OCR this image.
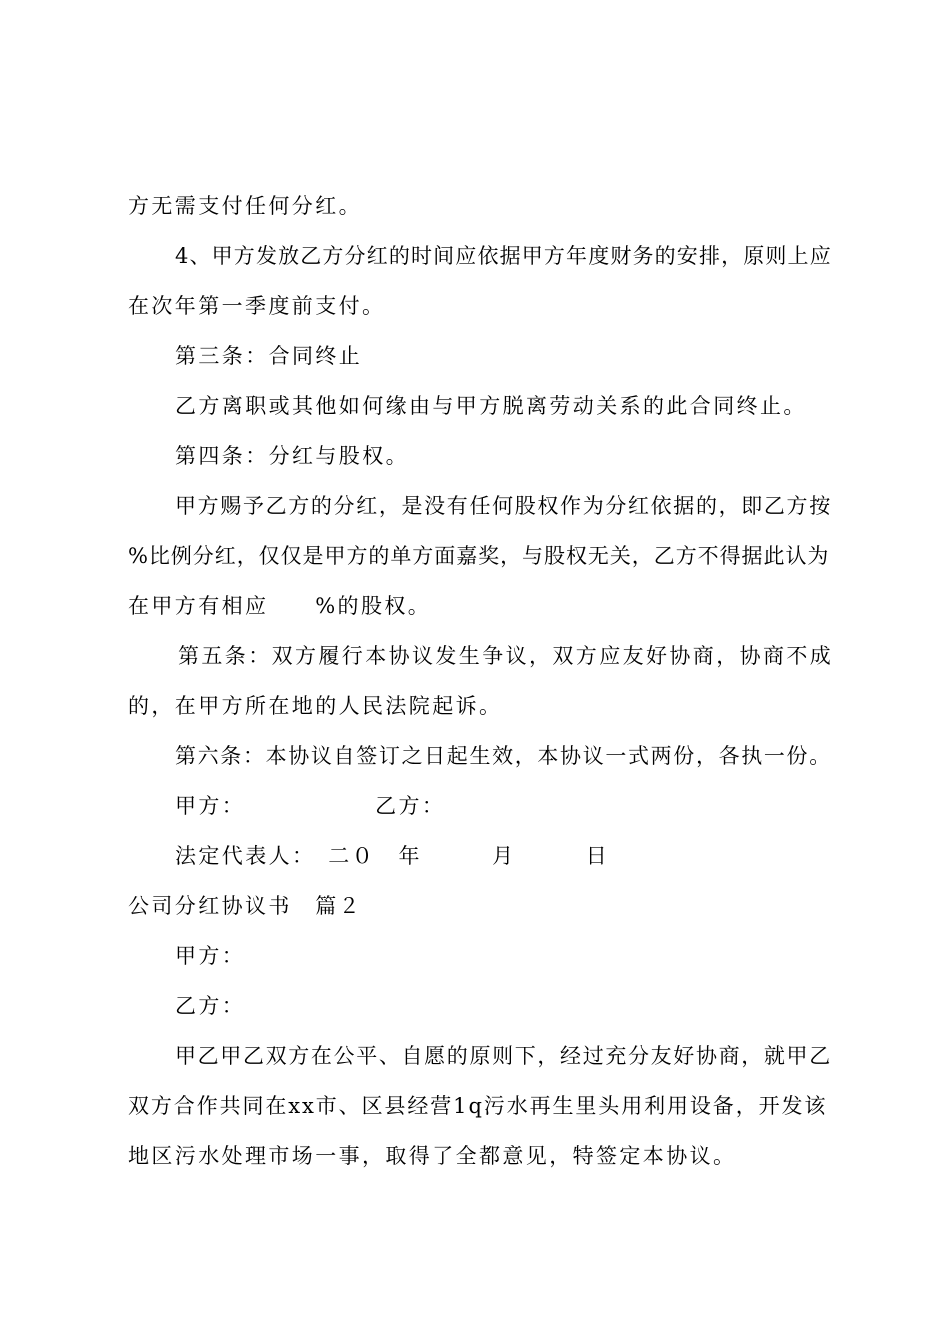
方无需支付任何分红。
4、甲方发放乙方分红的时间应依据甲方年度财务的安排，原则上应
在次年第一季度前支付。
第三条：合同终止
乙方离职或其他如何缘由与甲方脱离劳动关系的此合同终止。
第四条：分红与股权。
甲方赐予乙方的分红，是没有任何股权作为分红依据的，即乙方按
%比例分红，仅仅是甲方的单方面嘉奖，与股权无关，乙方不得据此认为
在甲方有相应　　%的股权。
第五条：双方履行本协议发生争议，双方应友好协商，协商不成
的，在甲方所在地的人民法院起诉。
第六条：本协议自签订之日起生效，本协议一式两份，各执一份。
甲方：　　　　　　乙方：
法定代表人：　二０　年　　　月　　　日
公司分红协议书　篇２
甲方：
乙方：
甲乙甲乙双方在公平、自愿的原则下，经过充分友好协商，就甲乙
双方合作共同在xx市、区县经营1q污水再生里头用利用设备，开发该
地区污水处理市场一事，取得了全都意见，特签定本协议。
